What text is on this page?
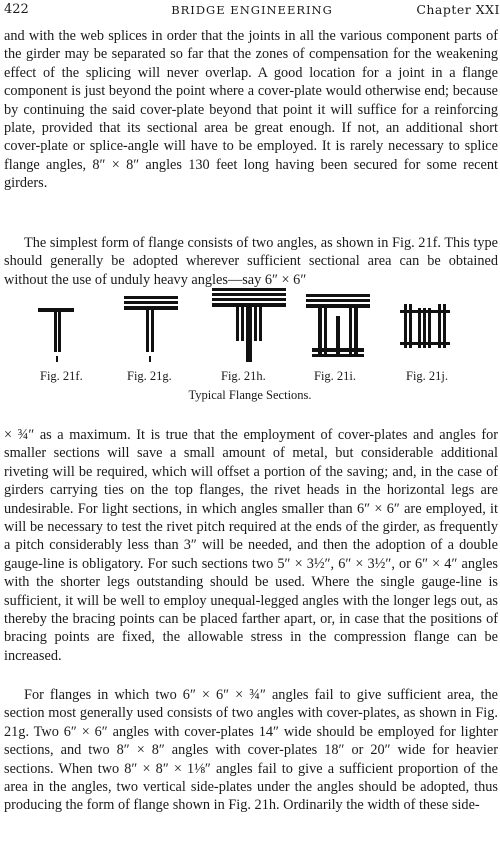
422	BRIDGE ENGINEERING	Chapter XXI

and with the web splices in order that the joints in all the various component parts of the girder may be separated so far that the zones of compensation for the weakening effect of the splicing will never overlap. A good location for a joint in a flange component is just beyond the point where a cover-plate would otherwise end; because by continuing the said cover-plate beyond that point it will suffice for a reinforcing plate, provided that its sectional area be great enough. If not, an additional short cover-plate or splice-angle will have to be employed. It is rarely necessary to splice flange angles, 8″ × 8″ angles 130 feet long having been secured for some recent girders.

The simplest form of flange consists of two angles, as shown in Fig. 21f. This type should generally be adopted wherever sufficient sectional area can be obtained without the use of unduly heavy angles—say 6″ × 6″

Fig. 21f.	Fig. 21g.	Fig. 21h.	Fig. 21i.	Fig. 21j.
Typical Flange Sections.

× ¾″ as a maximum. It is true that the employment of cover-plates and angles for smaller sections will save a small amount of metal, but considerable additional riveting will be required, which will offset a portion of the saving; and, in the case of girders carrying ties on the top flanges, the rivet heads in the horizontal legs are undesirable. For light sections, in which angles smaller than 6″ × 6″ are employed, it will be necessary to test the rivet pitch required at the ends of the girder, as frequently a pitch considerably less than 3″ will be needed, and then the adoption of a double gauge-line is obligatory. For such sections two 5″ × 3½″, 6″ × 3½″, or 6″ × 4″ angles with the shorter legs outstanding should be used. Where the single gauge-line is sufficient, it will be well to employ unequal-legged angles with the longer legs out, as thereby the bracing points can be placed farther apart, or, in case that the positions of bracing points are fixed, the allowable stress in the compression flange can be increased.

For flanges in which two 6″ × 6″ × ¾″ angles fail to give sufficient area, the section most generally used consists of two angles with cover-plates, as shown in Fig. 21g. Two 6″ × 6″ angles with cover-plates 14″ wide should be employed for lighter sections, and two 8″ × 8″ angles with cover-plates 18″ or 20″ wide for heavier sections. When two 8″ × 8″ × 1⅛″ angles fail to give a sufficient proportion of the area in the angles, two vertical side-plates under the angles should be adopted, thus producing the form of flange shown in Fig. 21h. Ordinarily the width of these side-
